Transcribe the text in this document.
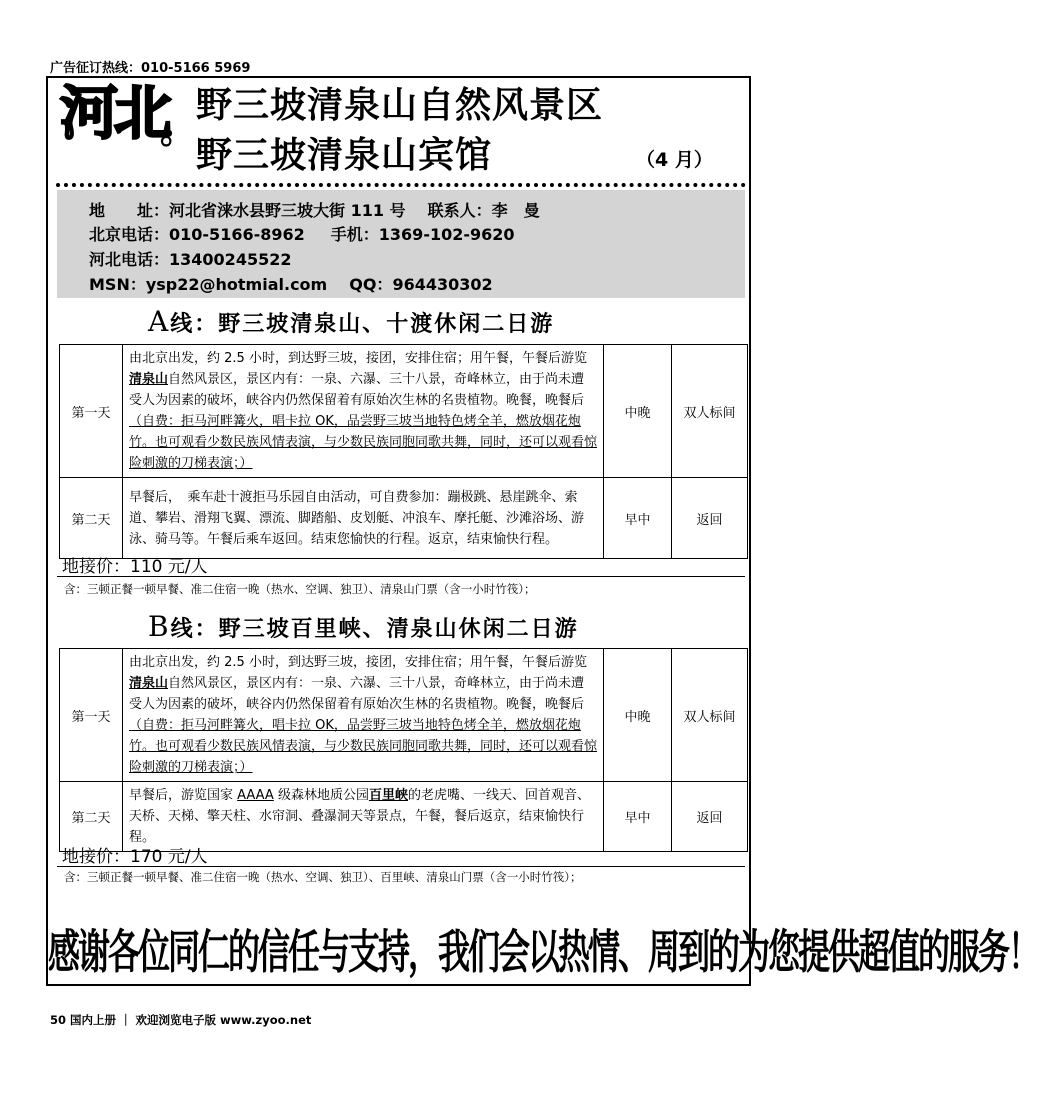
广告征订热线：010-5166 5969
河北
。
野三坡清泉山自然风景区
野三坡清泉山宾馆	（4 月）
地　　址：河北省涞水县野三坡大街 111 号 联系人：李　曼
北京电话：010-5166-8962 手机：1369-102-9620
河北电话：13400245522
MSN：ysp22@hotmial.com QQ：964430302
A线：野三坡清泉山、十渡休闲二日游
第一天	由北京出发，约 2.5 小时，到达野三坡，接团，安排住宿；用午餐，午餐后游览清泉山自然风景区，景区内有：一泉、六瀑、三十八景，奇峰林立，由于尚未遭受人为因素的破坏，峡谷内仍然保留着有原始次生林的名贵植物。晚餐，晚餐后（自费：拒马河畔篝火，唱卡拉 OK，品尝野三坡当地特色烤全羊，燃放烟花炮竹。也可观看少数民族风情表演，与少数民族同胞同歌共舞，同时，还可以观看惊险刺激的刀梯表演；）	中晚	双人标间
第二天	早餐后，　乘车赴十渡拒马乐园自由活动，可自费参加：蹦极跳、悬崖跳伞、索道、攀岩、滑翔飞翼、漂流、脚踏船、皮划艇、冲浪车、摩托艇、沙滩浴场、游泳、骑马等。午餐后乘车返回。结束您愉快的行程。返京，结束愉快行程。	早中	返回
地接价：110 元/人
含：三顿正餐一顿早餐、准二住宿一晚（热水、空调、独卫）、清泉山门票（含一小时竹筏）；
B线：野三坡百里峡、清泉山休闲二日游
第一天	由北京出发，约 2.5 小时，到达野三坡，接团，安排住宿；用午餐，午餐后游览清泉山自然风景区，景区内有：一泉、六瀑、三十八景，奇峰林立，由于尚未遭受人为因素的破坏，峡谷内仍然保留着有原始次生林的名贵植物。晚餐，晚餐后（自费：拒马河畔篝火，唱卡拉 OK，品尝野三坡当地特色烤全羊，燃放烟花炮竹。也可观看少数民族风情表演，与少数民族同胞同歌共舞，同时，还可以观看惊险刺激的刀梯表演；）	中晚	双人标间
第二天	早餐后，游览国家 AAAA 级森林地质公园百里峡的老虎嘴、一线天、回首观音、天桥、天梯、擎天柱、水帘洞、叠瀑洞天等景点，午餐，餐后返京，结束愉快行程。	早中	返回
地接价：170 元/人
含：三顿正餐一顿早餐、准二住宿一晚（热水、空调、独卫）、百里峡、清泉山门票（含一小时竹筏）；
感谢各位同仁的信任与支持，我们会以热情、周到的为您提供超值的服务！
50 国内上册 ｜ 欢迎浏览电子版 www.zyoo.net
